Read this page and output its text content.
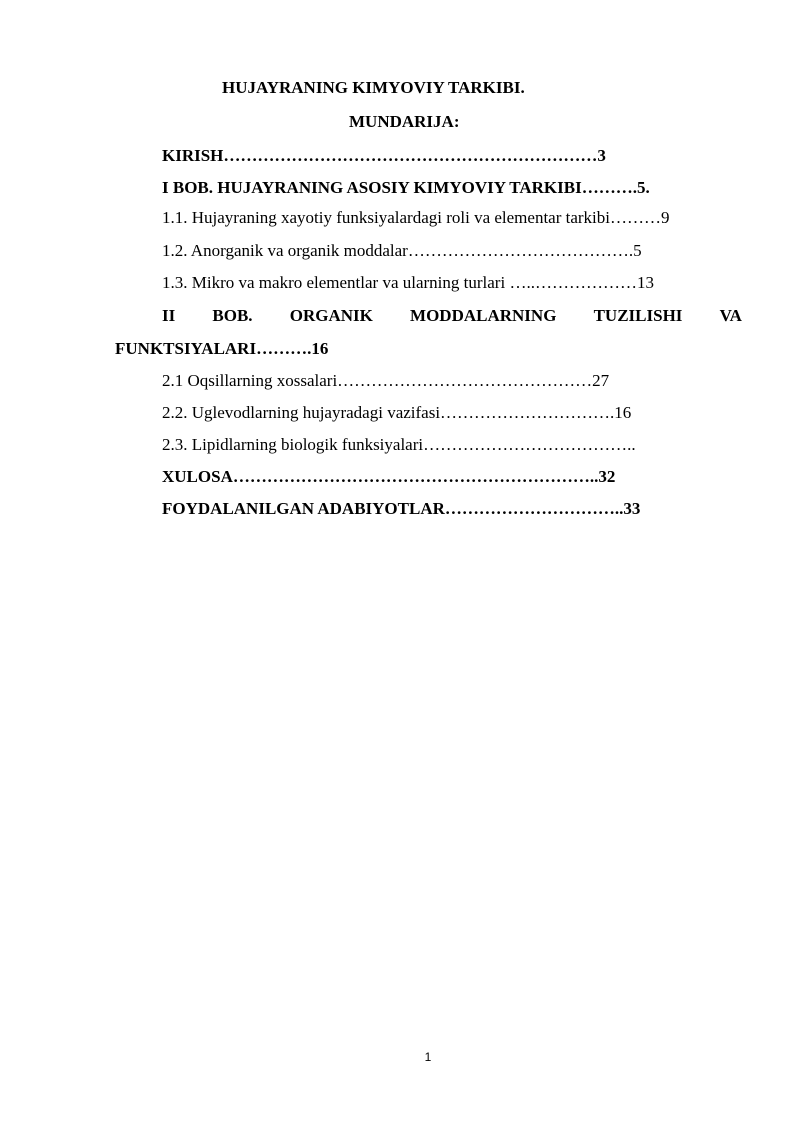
HUJAYRANING KIMYOVIY TARKIBI.
MUNDARIJA:
KIRISH…………………………………………………………3
I BOB. HUJAYRANING ASOSIY KIMYOVIY TARKIBI……….5.
1.1. Hujayraning xayotiy funksiyalardagi roli va elementar tarkibi………9
1.2. Anorganik va organik moddalar………………………………….5
1.3. Mikro va makro elementlar va ularning turlari …..………………13
II BOB. ORGANIK MODDALARNING TUZILISHI VA
FUNKTSIYALARI……….16
2.1 Oqsillarning xossalari………………………………………27
2.2. Uglevodlarning hujayradagi vazifasi………………………….16
2.3. Lipidlarning biologik funksiyalari………………………………..
XULOSA………………………………………………………..32
FOYDALANILGAN ADABIYOTLAR…………………………..33
1
